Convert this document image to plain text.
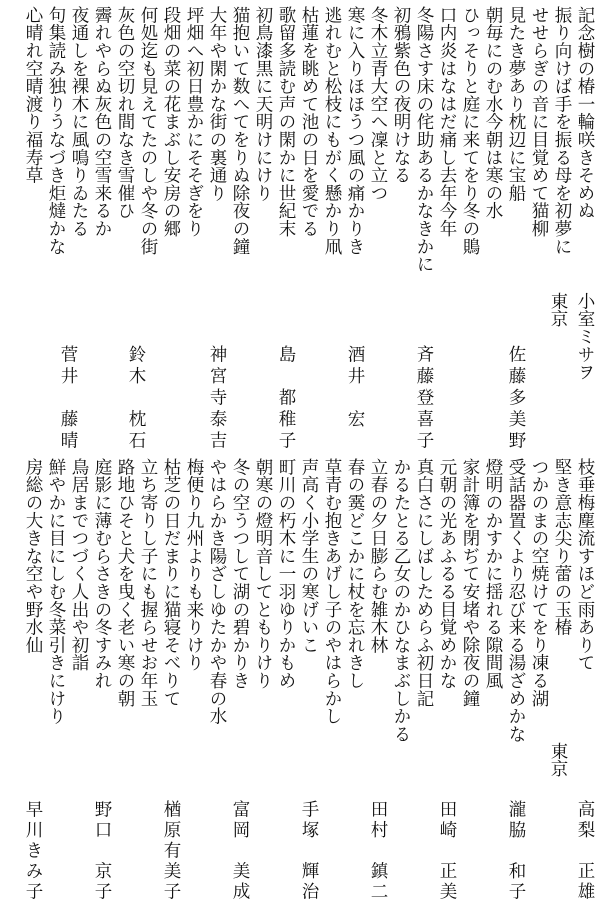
記念樹の椿一輪咲きそめぬ
振り向けば手を振る母を初夢に
せせらぎの音に目覚めて猫柳
見たき夢あり枕辺に宝船
朝毎にのむ水今朝は寒の水
ひっそりと庭に来てをり冬の鵙
口内炎はなはだ痛し去年今年
冬陽さす床の侘助あるかなきかに
初鴉紫色の夜明けなる
冬木立青大空へ凜と立つ
寒に入りほほうつ風の痛かりき
逃れむと松枝にもがく懸かり凧
枯蓮を眺めて池の日を愛でる
歌留多読む声の閑かに世紀末
初鳥漆黒に天明けにけり
猫抱いて数へてをりぬ除夜の鐘
大年や閑かな街の裏通り
坪畑へ初日豊かにそそぎをり
段畑の菜の花まぶし安房の郷
何処迄も見えてたのしや冬の街
灰色の空切れ間なき雪催ひ
霽れやらぬ灰色の空雪来るか
夜通しを裸木に風鳴りゐたる
句集読み独りうなづき炬燵かな
心晴れ空晴渡り福寿草
東京 小室ミサヲ
佐藤多美野
斉藤登喜子
酒井　宏
島　都稚子
神宮寺泰吉
鈴木　枕石
菅井　藤晴
枝垂梅塵流すほど雨ありて
堅き意志尖り蕾の玉椿
つかのまの空焼けてをり凍る湖
受話器置くより忍び来る湯ざめかな
燈明のかすかに揺れる隙間風
家計簿を閉ぢて安堵や除夜の鐘
元朝の光あふるる目覚めかな
真白さにしばしためらふ初日記
かるたとる乙女のかひなまぶしかる
立春の夕日膨らむ雑木林
春の霙どこかに杖を忘れきし
草青む抱きあげし子のやはらかし
声高く小学生の寒げいこ
町川の朽木に一羽ゆりかもめ
朝寒の燈明音してともりけり
冬の空うつして湖の碧かりき
やはらかき陽ざしゆたかや春の水
梅便り九州よりも来りけり
枯芝の日だまりに猫寝そべりて
立ち寄りし子にも握らせお年玉
路地ひそと犬を曳く老い寒の朝
庭影に薄むらさきの冬すみれ
鳥居までつづく人出や初詣
鮮やかに目にしむ冬菜引きにけり
房総の大きな空や野水仙
東京
高梨　正雄
瀧脇　和子
田崎　正美
田村　鎮二
手塚　輝治
富岡　美成
楢原有美子
野口　京子
早川きみ子
